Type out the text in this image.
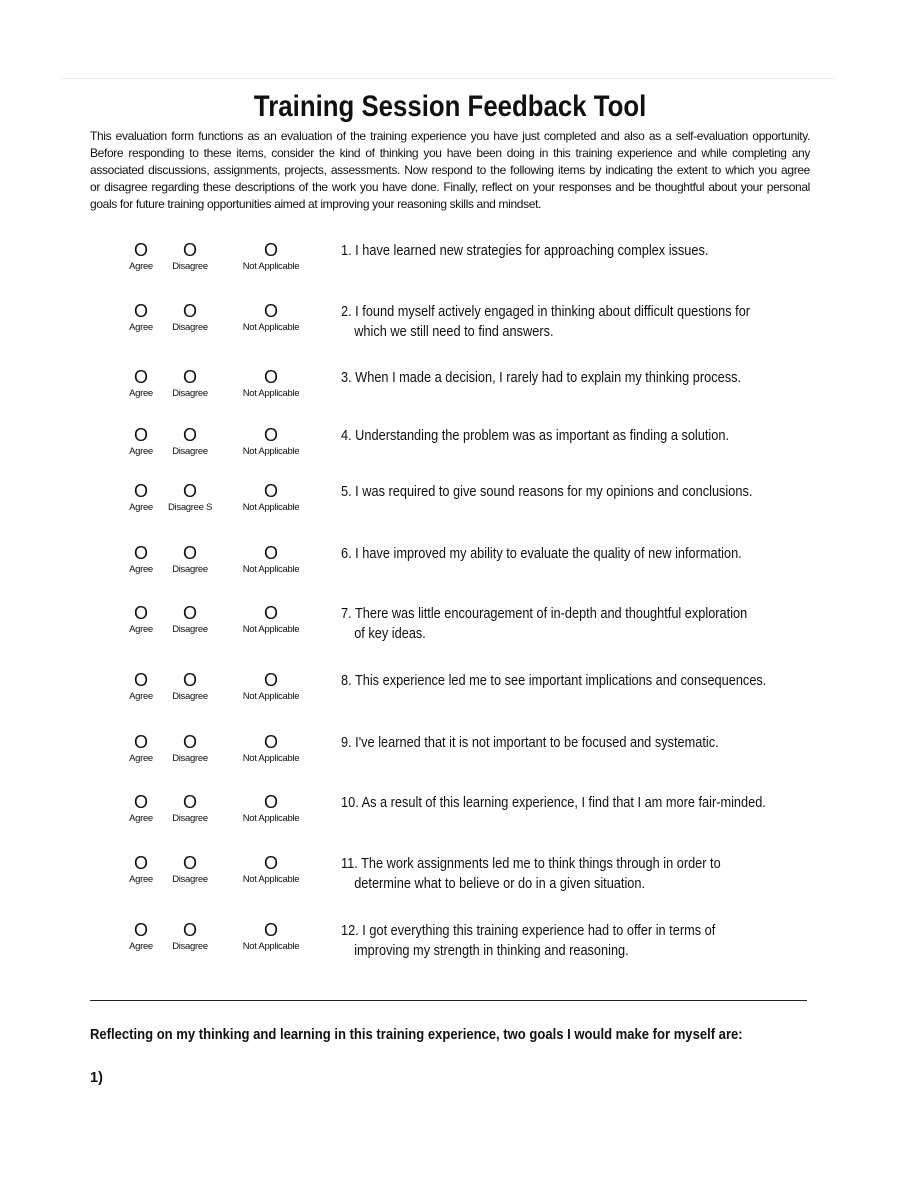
Training Session Feedback Tool
This evaluation form functions as an evaluation of the training experience you have just completed and also as a self-evaluation opportunity.
Before responding to these items, consider the kind of thinking you have been doing in this training experience and while completing any
associated discussions, assignments, projects, assessments. Now respond to the following items by indicating the extent to which you agree
or disagree regarding these descriptions of the work you have done. Finally, reflect on your responses and be thoughtful about your personal
goals for future training opportunities aimed at improving your reasoning skills and mindset.
O
Agree
O
Disagree
O
Not Applicable
1. I have learned new strategies for approaching complex issues.
O
Agree
O
Disagree
O
Not Applicable
2. I found myself actively engaged in thinking about difficult questions for
which we still need to find answers.
O
Agree
O
Disagree
O
Not Applicable
3. When I made a decision, I rarely had to explain my thinking process.
O
Agree
O
Disagree
O
Not Applicable
4. Understanding the problem was as important as finding a solution.
O
Agree
O
Disagree S
O
Not Applicable
5. I was required to give sound reasons for my opinions and conclusions.
O
Agree
O
Disagree
O
Not Applicable
6. I have improved my ability to evaluate the quality of new information.
O
Agree
O
Disagree
O
Not Applicable
7. There was little encouragement of in-depth and thoughtful exploration
of key ideas.
O
Agree
O
Disagree
O
Not Applicable
8. This experience led me to see important implications and consequences.
O
Agree
O
Disagree
O
Not Applicable
9. I've learned that it is not important to be focused and systematic.
O
Agree
O
Disagree
O
Not Applicable
10. As a result of this learning experience, I find that I am more fair-minded.
O
Agree
O
Disagree
O
Not Applicable
11. The work assignments led me to think things through in order to
determine what to believe or do in a given situation.
O
Agree
O
Disagree
O
Not Applicable
12. I got everything this training experience had to offer in terms of
improving my strength in thinking and reasoning.
Reflecting on my thinking and learning in this training experience, two goals I would make for myself are:
1)
